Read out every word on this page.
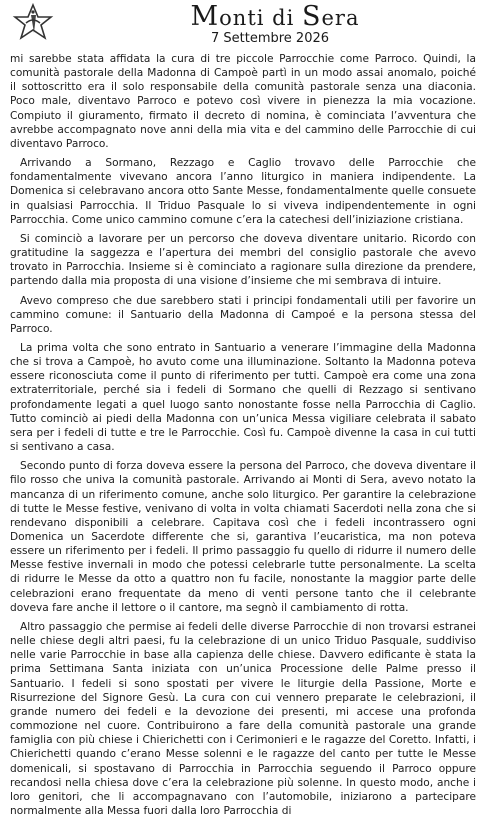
Monti di Sera
7 Settembre 2026

mi sarebbe stata affidata la cura di tre piccole Parrocchie come Parroco. Quindi, la comunità pastorale della Madonna di Campoè partì in un modo assai anomalo, poiché il sottoscritto era il solo responsabile della comunità pastorale senza una diaconia. Poco male, diventavo Parroco e potevo così vivere in pienezza la mia vocazione. Compiuto il giuramento, firmato il decreto di nomina, è cominciata l’avventura che avrebbe accompagnato nove anni della mia vita e del cammino delle Parrocchie di cui diventavo Parroco.

Arrivando a Sormano, Rezzago e Caglio trovavo delle Parrocchie che fondamentalmente vivevano ancora l’anno liturgico in maniera indipendente. La Domenica si celebravano ancora otto Sante Messe, fondamentalmente quelle consuete in qualsiasi Parrocchia. Il Triduo Pasquale lo si viveva indipendentemente in ogni Parrocchia. Come unico cammino comune c’era la catechesi dell’iniziazione cristiana.

Si cominciò a lavorare per un percorso che doveva diventare unitario. Ricordo con gratitudine la saggezza e l’apertura dei membri del consiglio pastorale che avevo trovato in Parrocchia. Insieme si è cominciato a ragionare sulla direzione da prendere, partendo dalla mia proposta di una visione d’insieme che mi sembrava di intuire.

Avevo compreso che due sarebbero stati i principi fondamentali utili per favorire un cammino comune: il Santuario della Madonna di Campoé e la persona stessa del Parroco.

La prima volta che sono entrato in Santuario a venerare l’immagine della Madonna che si trova a Campoè, ho avuto come una illuminazione. Soltanto la Madonna poteva essere riconosciuta come il punto di riferimento per tutti. Campoè era come una zona extraterritoriale, perché sia i fedeli di Sormano che quelli di Rezzago si sentivano profondamente legati a quel luogo santo nonostante fosse nella Parrocchia di Caglio. Tutto cominciò ai piedi della Madonna con un’unica Messa vigiliare celebrata il sabato sera per i fedeli di tutte e tre le Parrocchie. Così fu. Campoè divenne la casa in cui tutti si sentivano a casa.

Secondo punto di forza doveva essere la persona del Parroco, che doveva diventare il filo rosso che univa la comunità pastorale. Arrivando ai Monti di Sera, avevo notato la mancanza di un riferimento comune, anche solo liturgico. Per garantire la celebrazione di tutte le Messe festive, venivano di volta in volta chiamati Sacerdoti nella zona che si rendevano disponibili a celebrare. Capitava così che i fedeli incontrassero ogni Domenica un Sacerdote differente che si, garantiva l’eucaristica, ma non poteva essere un riferimento per i fedeli. Il primo passaggio fu quello di ridurre il numero delle Messe festive invernali in modo che potessi celebrarle tutte personalmente. La scelta di ridurre le Messe da otto a quattro non fu facile, nonostante la maggior parte delle celebrazioni erano frequentate da meno di venti persone tanto che il celebrante doveva fare anche il lettore o il cantore, ma segnò il cambiamento di rotta.

Altro passaggio che permise ai fedeli delle diverse Parrocchie di non trovarsi estranei nelle chiese degli altri paesi, fu la celebrazione di un unico Triduo Pasquale, suddiviso nelle varie Parrocchie in base alla capienza delle chiese. Davvero edificante è stata la prima Settimana Santa iniziata con un’unica Processione delle Palme presso il Santuario. I fedeli si sono spostati per vivere le liturgie della Passione, Morte e Risurrezione del Signore Gesù. La cura con cui vennero preparate le celebrazioni, il grande numero dei fedeli e la devozione dei presenti, mi accese una profonda commozione nel cuore. Contribuirono a fare della comunità pastorale una grande famiglia con più chiese i Chierichetti con i Cerimonieri e le ragazze del Coretto. Infatti, i Chierichetti quando c’erano Messe solenni e le ragazze del canto per tutte le Messe domenicali, si spostavano di Parrocchia in Parrocchia seguendo il Parroco oppure recandosi nella chiesa dove c’era la celebrazione più solenne. In questo modo, anche i loro genitori, che li accompagnavano con l’automobile, iniziarono a partecipare normalmente alla Messa fuori dalla loro Parrocchia di
